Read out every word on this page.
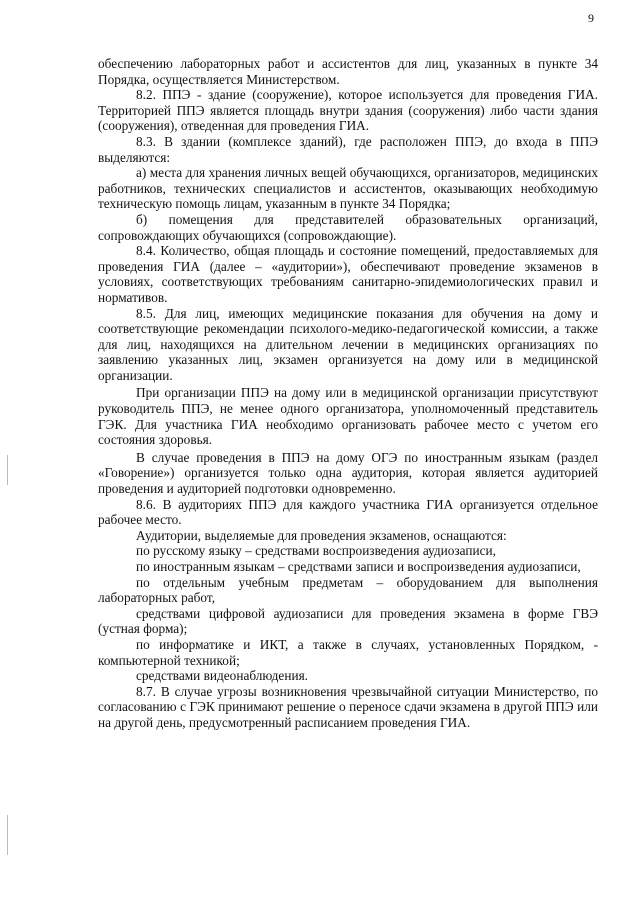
9

обеспечению лабораторных работ и ассистентов для лиц, указанных в пункте 34 Порядка, осуществляется Министерством.

8.2. ППЭ - здание (сооружение), которое используется для проведения ГИА. Территорией ППЭ является площадь внутри здания (сооружения) либо части здания (сооружения), отведенная для проведения ГИА.

8.3. В здании (комплексе зданий), где расположен ППЭ, до входа в ППЭ выделяются:

а) места для хранения личных вещей обучающихся, организаторов, медицинских работников, технических специалистов и ассистентов, оказывающих необходимую техническую помощь лицам, указанным в пункте 34 Порядка;

б) помещения для представителей образовательных организаций, сопровождающих обучающихся (сопровождающие).

8.4. Количество, общая площадь и состояние помещений, предоставляемых для проведения ГИА (далее – «аудитории»), обеспечивают проведение экзаменов в условиях, соответствующих требованиям санитарно-эпидемиологических правил и нормативов.

8.5. Для лиц, имеющих медицинские показания для обучения на дому и соответствующие рекомендации психолого-медико-педагогической комиссии, а также для лиц, находящихся на длительном лечении в медицинских организациях по заявлению указанных лиц, экзамен организуется на дому или в медицинской организации.

При организации ППЭ на дому или в медицинской организации присутствуют руководитель ППЭ, не менее одного организатора, уполномоченный представитель ГЭК. Для участника ГИА необходимо организовать рабочее место с учетом его состояния здоровья.

В случае проведения в ППЭ на дому ОГЭ по иностранным языкам (раздел «Говорение») организуется только одна аудитория, которая является аудиторией проведения и аудиторией подготовки одновременно.

8.6. В аудиториях ППЭ для каждого участника ГИА организуется отдельное рабочее место.

Аудитории, выделяемые для проведения экзаменов, оснащаются:

по русскому языку – средствами воспроизведения аудиозаписи,

по иностранным языкам – средствами записи и воспроизведения аудиозаписи,

по отдельным учебным предметам – оборудованием для выполнения лабораторных работ,

средствами цифровой аудиозаписи для проведения экзамена в форме ГВЭ (устная форма);

по информатике и ИКТ, а также в случаях, установленных Порядком, - компьютерной техникой;

средствами видеонаблюдения.

8.7. В случае угрозы возникновения чрезвычайной ситуации Министерство, по согласованию с ГЭК принимают решение о переносе сдачи экзамена в другой ППЭ или на другой день, предусмотренный расписанием проведения ГИА.
